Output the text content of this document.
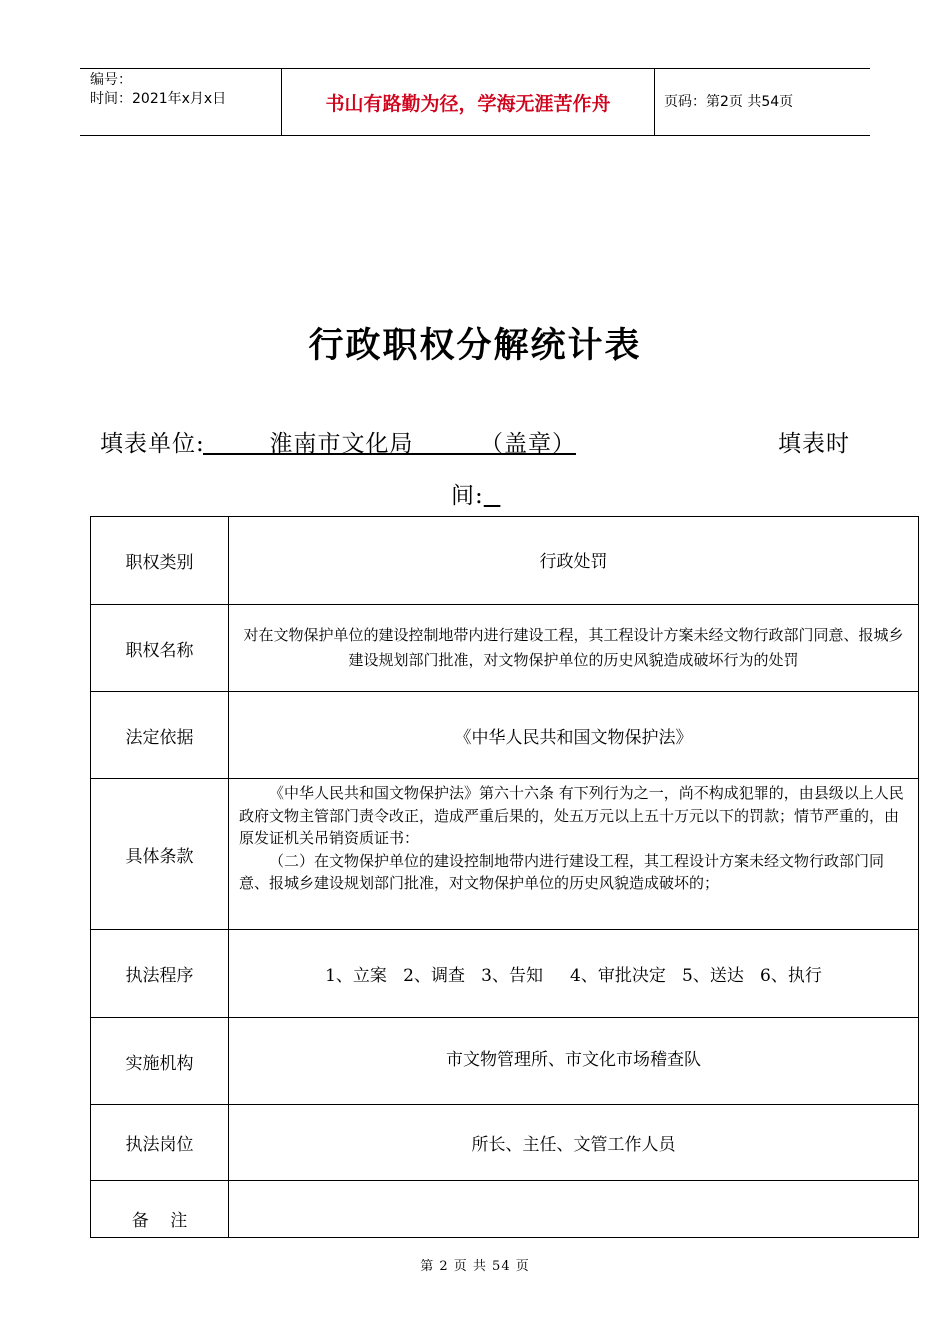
编号：
时间：2021年x月x日	书山有路勤为径，学海无涯苦作舟	页码：第2页 共54页
行政职权分解统计表
填表单位:
淮南市文化局        （盖章）	填表时
间:
职权类别	行政处罚
职权名称	对在文物保护单位的建设控制地带内进行建设工程，其工程设计方案未经文物行政部门同意、报城乡建设规划部门批准，对文物保护单位的历史风貌造成破坏行为的处罚
法定依据	《中华人民共和国文物保护法》
具体条款	《中华人民共和国文物保护法》第六十六条 有下列行为之一，尚不构成犯罪的，由县级以上人民政府文物主管部门责令改正，造成严重后果的，处五万元以上五十万元以下的罚款；情节严重的，由原发证机关吊销资质证书：

（二）在文物保护单位的建设控制地带内进行建设工程，其工程设计方案未经文物行政部门同意、报城乡建设规划部门批准，对文物保护单位的历史风貌造成破坏的；

执法程序	1、立案   2、调查   3、告知     4、审批决定   5、送达   6、执行
实施机构	市文物管理所、市文化市场稽查队
执法岗位	所长、主任、文管工作人员
备    注	
第 2 页 共 54 页
